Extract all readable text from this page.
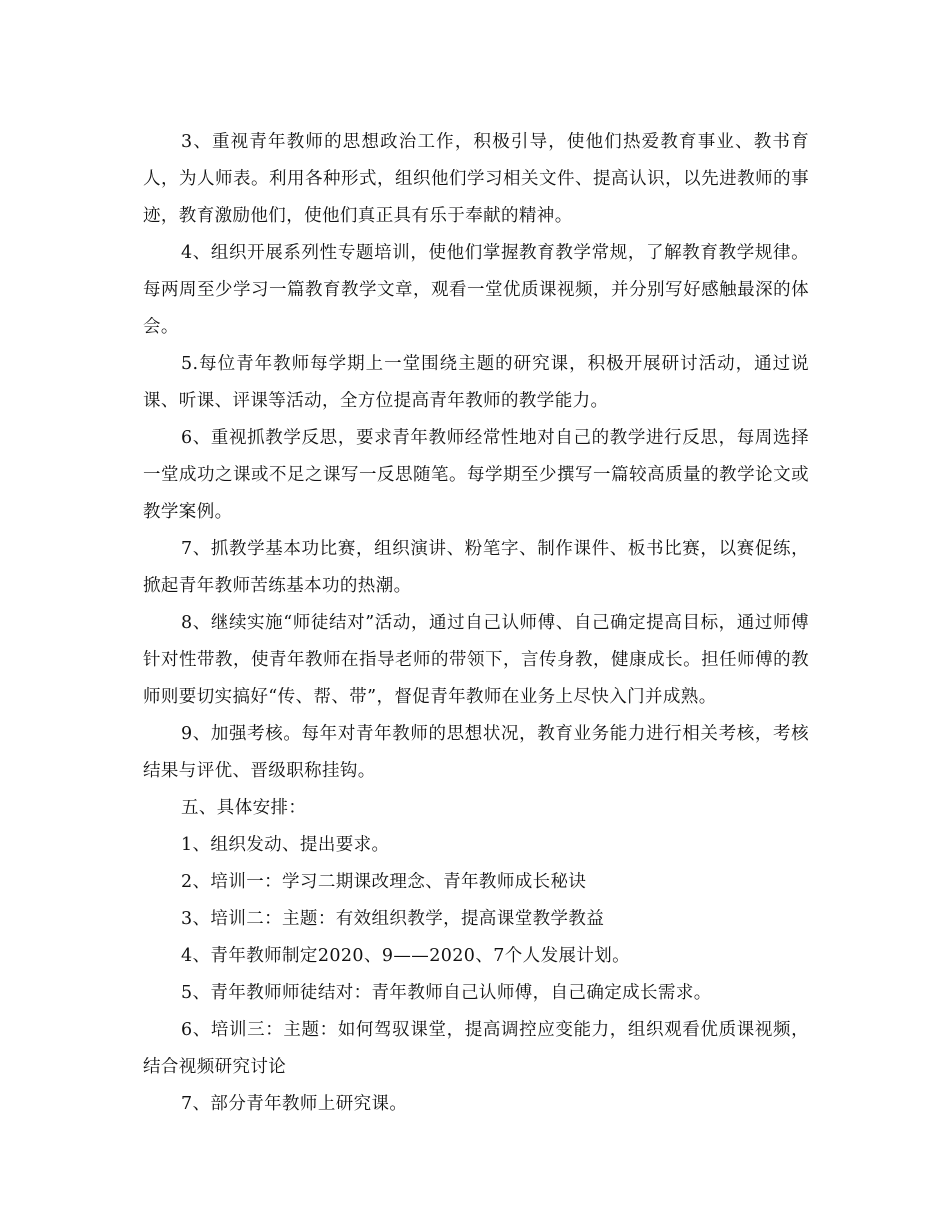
3、重视青年教师的思想政治工作，积极引导，使他们热爱教育事业、教书育人，为人师表。利用各种形式，组织他们学习相关文件、提高认识，以先进教师的事迹，教育激励他们，使他们真正具有乐于奉献的精神。

4、组织开展系列性专题培训，使他们掌握教育教学常规，了解教育教学规律。每两周至少学习一篇教育教学文章，观看一堂优质课视频，并分别写好感触最深的体会。

5.每位青年教师每学期上一堂围绕主题的研究课，积极开展研讨活动，通过说课、听课、评课等活动，全方位提高青年教师的教学能力。

6、重视抓教学反思，要求青年教师经常性地对自己的教学进行反思，每周选择一堂成功之课或不足之课写一反思随笔。每学期至少撰写一篇较高质量的教学论文或教学案例。

7、抓教学基本功比赛，组织演讲、粉笔字、制作课件、板书比赛，以赛促练，掀起青年教师苦练基本功的热潮。

8、继续实施“师徒结对”活动，通过自己认师傅、自己确定提高目标，通过师傅针对性带教，使青年教师在指导老师的带领下，言传身教，健康成长。担任师傅的教师则要切实搞好“传、帮、带”，督促青年教师在业务上尽快入门并成熟。

9、加强考核。每年对青年教师的思想状况，教育业务能力进行相关考核，考核结果与评优、晋级职称挂钩。

五、具体安排：

1、组织发动、提出要求。

2、培训一：学习二期课改理念、青年教师成长秘诀

3、培训二：主题：有效组织教学，提高课堂教学教益

4、青年教师制定2020、9——2020、7个人发展计划。

5、青年教师师徒结对：青年教师自己认师傅，自己确定成长需求。

6、培训三：主题：如何驾驭课堂，提高调控应变能力，组织观看优质课视频，结合视频研究讨论

7、部分青年教师上研究课。
